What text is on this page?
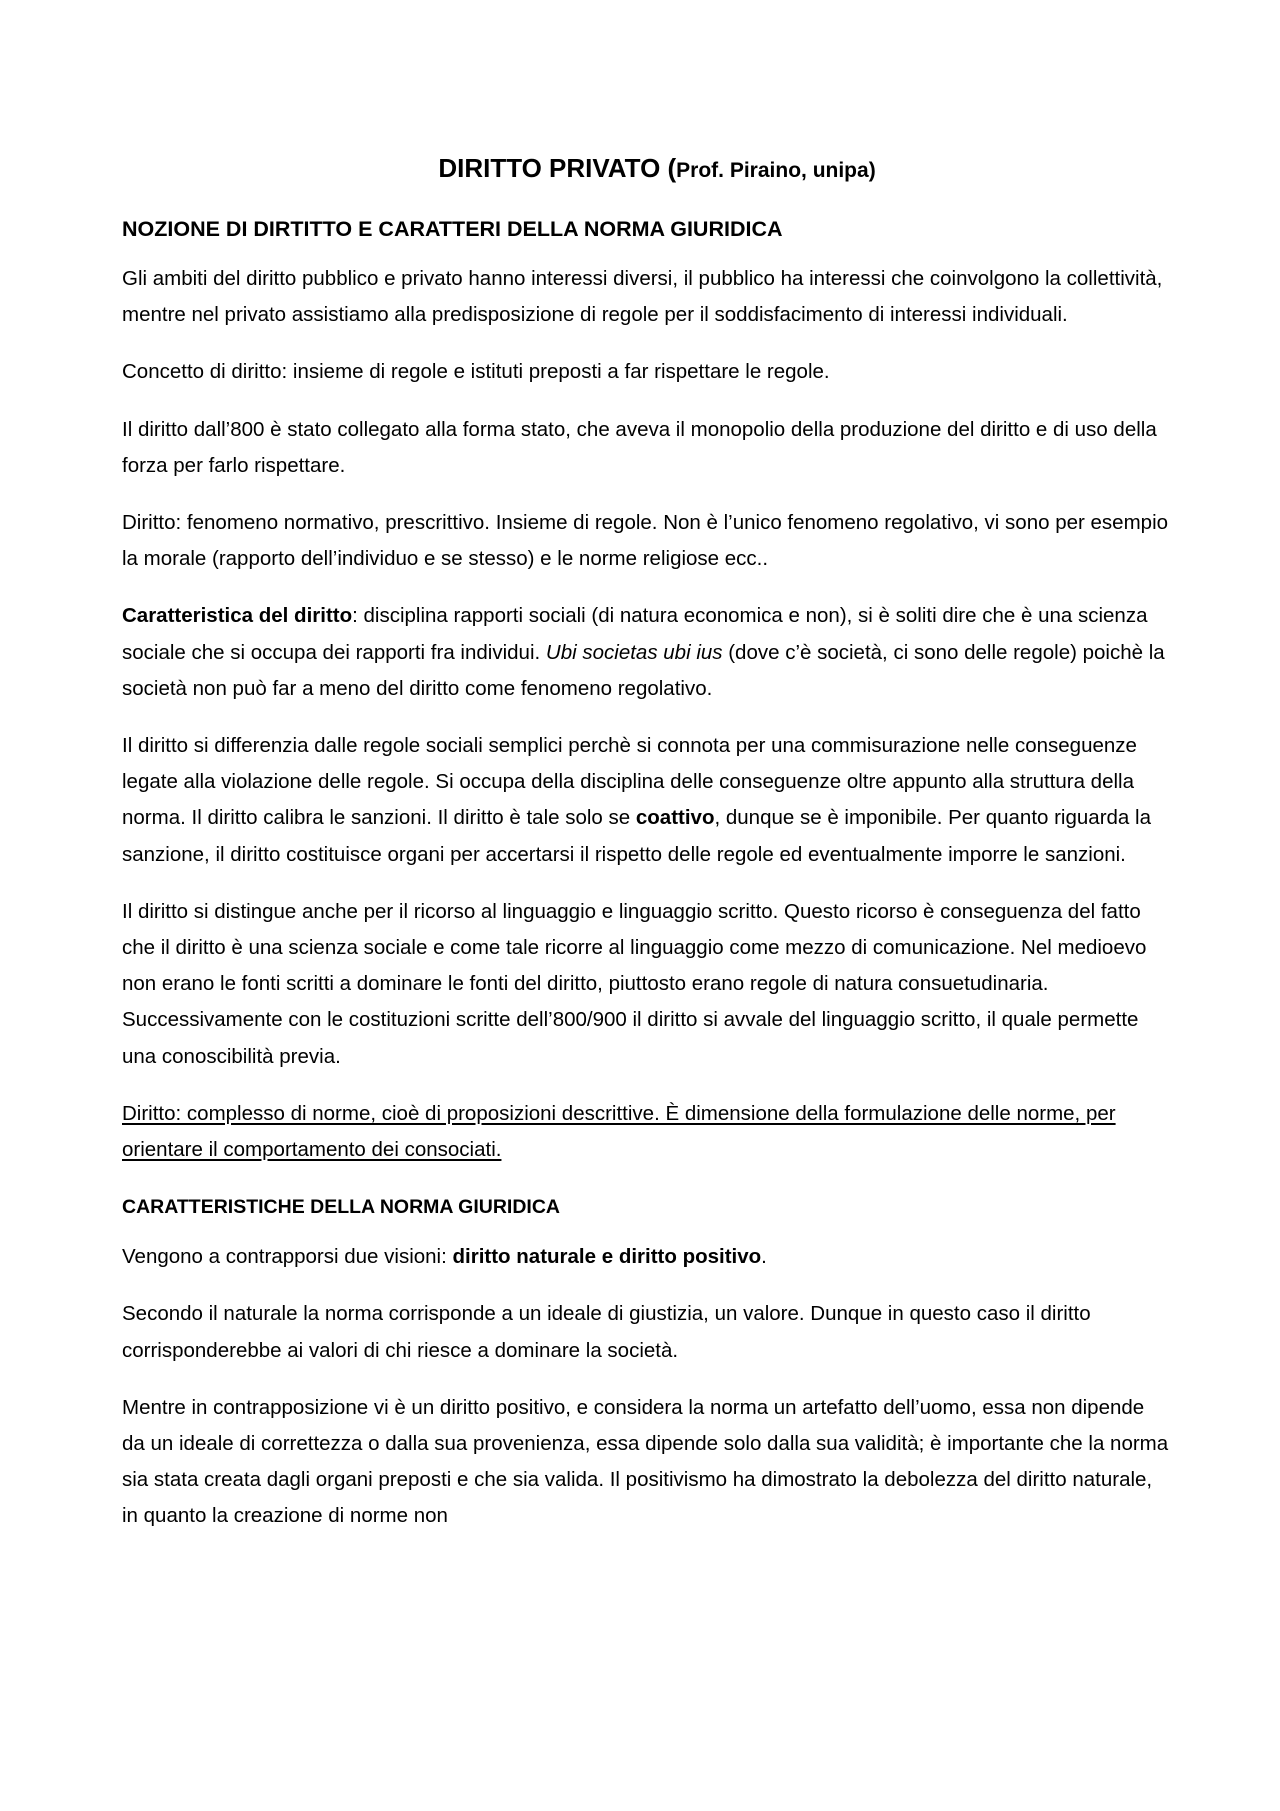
DIRITTO PRIVATO (Prof. Piraino, unipa)
NOZIONE DI DIRTITTO E CARATTERI DELLA NORMA GIURIDICA

Gli ambiti del diritto pubblico e privato hanno interessi diversi, il pubblico ha interessi che coinvolgono la collettività, mentre nel privato assistiamo alla predisposizione di regole per il soddisfacimento di interessi individuali.

Concetto di diritto: insieme di regole e istituti preposti a far rispettare le regole.

Il diritto dall’800 è stato collegato alla forma stato, che aveva il monopolio della produzione del diritto e di uso della forza per farlo rispettare.

Diritto: fenomeno normativo, prescrittivo. Insieme di regole. Non è l’unico fenomeno regolativo, vi sono per esempio la morale (rapporto dell’individuo e se stesso) e le norme religiose ecc..

Caratteristica del diritto: disciplina rapporti sociali (di natura economica e non), si è soliti dire che è una scienza sociale che si occupa dei rapporti fra individui. Ubi societas ubi ius (dove c’è società, ci sono delle regole) poichè la società non può far a meno del diritto come fenomeno regolativo.

Il diritto si differenzia dalle regole sociali semplici perchè si connota per una commisurazione nelle conseguenze legate alla violazione delle regole. Si occupa della disciplina delle conseguenze oltre appunto alla struttura della norma. Il diritto calibra le sanzioni. Il diritto è tale solo se coattivo, dunque se è imponibile. Per quanto riguarda la sanzione, il diritto costituisce organi per accertarsi il rispetto delle regole ed eventualmente imporre le sanzioni.

Il diritto si distingue anche per il ricorso al linguaggio e linguaggio scritto. Questo ricorso è conseguenza del fatto che il diritto è una scienza sociale e come tale ricorre al linguaggio come mezzo di comunicazione. Nel medioevo non erano le fonti scritti a dominare le fonti del diritto, piuttosto erano regole di natura consuetudinaria. Successivamente con le costituzioni scritte dell’800/900 il diritto si avvale del linguaggio scritto, il quale permette una conoscibilità previa.

Diritto: complesso di norme, cioè di proposizioni descrittive. È dimensione della formulazione delle norme, per orientare il comportamento dei consociati.

CARATTERISTICHE DELLA NORMA GIURIDICA

Vengono a contrapporsi due visioni: diritto naturale e diritto positivo.

Secondo il naturale la norma corrisponde a un ideale di giustizia, un valore. Dunque in questo caso il diritto corrisponderebbe ai valori di chi riesce a dominare la società.

Mentre in contrapposizione vi è un diritto positivo, e considera la norma un artefatto dell’uomo, essa non dipende da un ideale di correttezza o dalla sua provenienza, essa dipende solo dalla sua validità; è importante che la norma sia stata creata dagli organi preposti e che sia valida. Il positivismo ha dimostrato la debolezza del diritto naturale, in quanto la creazione di norme non
